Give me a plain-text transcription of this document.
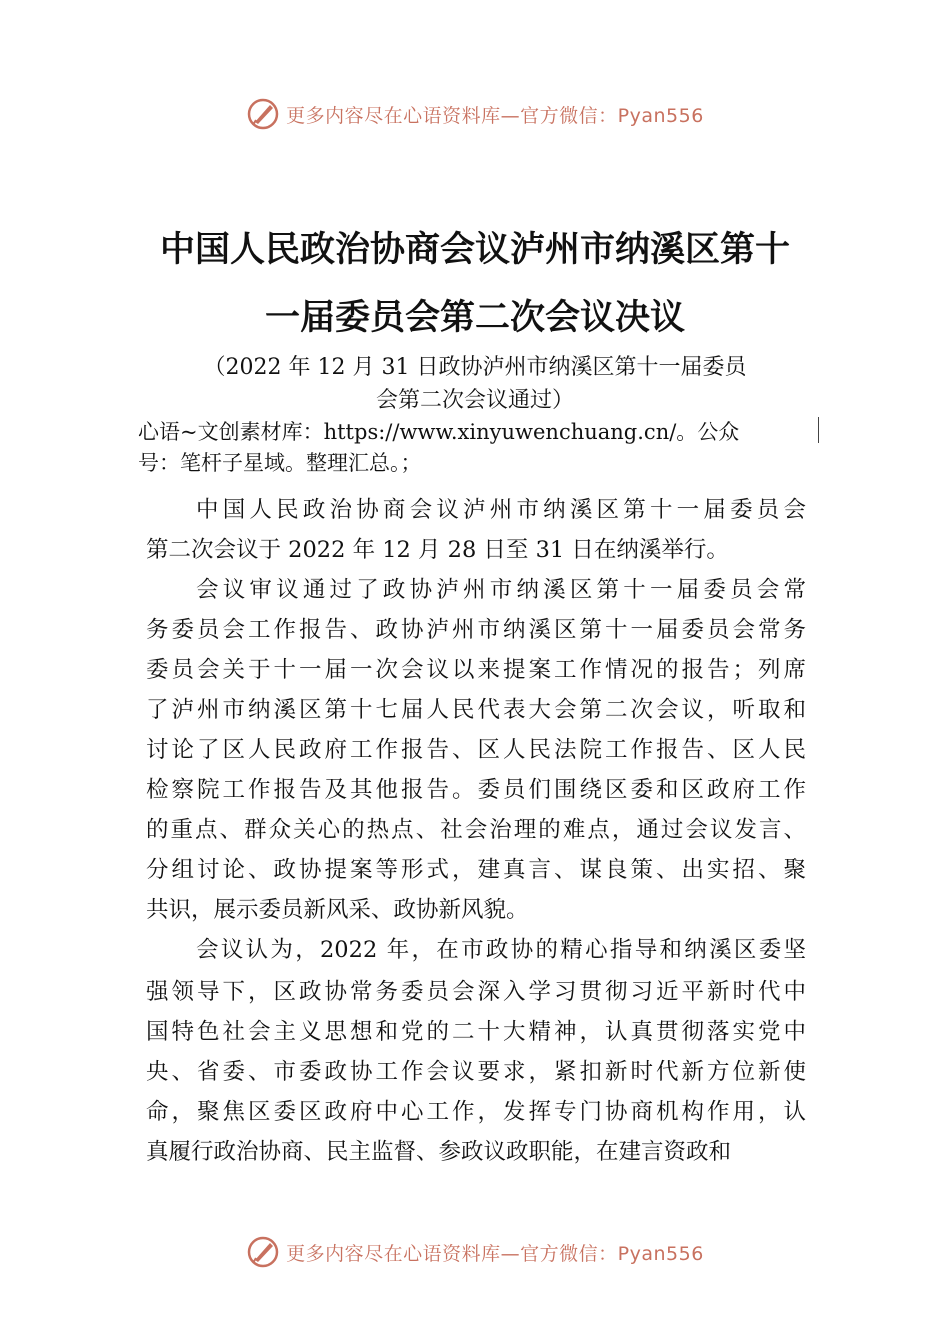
更多内容尽在心语资料库—官方微信：Pyan556
中国人民政治协商会议泸州市纳溪区第十
一届委员会第二次会议决议
（2022 年 12 月 31 日政协泸州市纳溪区第十一届委员
会第二次会议通过）
心语~文创素材库：https://www.xinyuwenchuang.cn/。公众
号：笔杆子星域。整理汇总。；
中国人民政治协商会议泸州市纳溪区第十一届委员会
第二次会议于 2022 年 12 月 28 日至 31 日在纳溪举行。
会议审议通过了政协泸州市纳溪区第十一届委员会常
务委员会工作报告、政协泸州市纳溪区第十一届委员会常务
委员会关于十一届一次会议以来提案工作情况的报告；列席
了泸州市纳溪区第十七届人民代表大会第二次会议，听取和
讨论了区人民政府工作报告、区人民法院工作报告、区人民
检察院工作报告及其他报告。委员们围绕区委和区政府工作
的重点、群众关心的热点、社会治理的难点，通过会议发言、
分组讨论、政协提案等形式，建真言、谋良策、出实招、聚
共识，展示委员新风采、政协新风貌。
会议认为，2022 年，在市政协的精心指导和纳溪区委坚
强领导下，区政协常务委员会深入学习贯彻习近平新时代中
国特色社会主义思想和党的二十大精神，认真贯彻落实党中
央、省委、市委政协工作会议要求，紧扣新时代新方位新使
命，聚焦区委区政府中心工作，发挥专门协商机构作用，认
真履行政治协商、民主监督、参政议政职能，在建言资政和
更多内容尽在心语资料库—官方微信：Pyan556
